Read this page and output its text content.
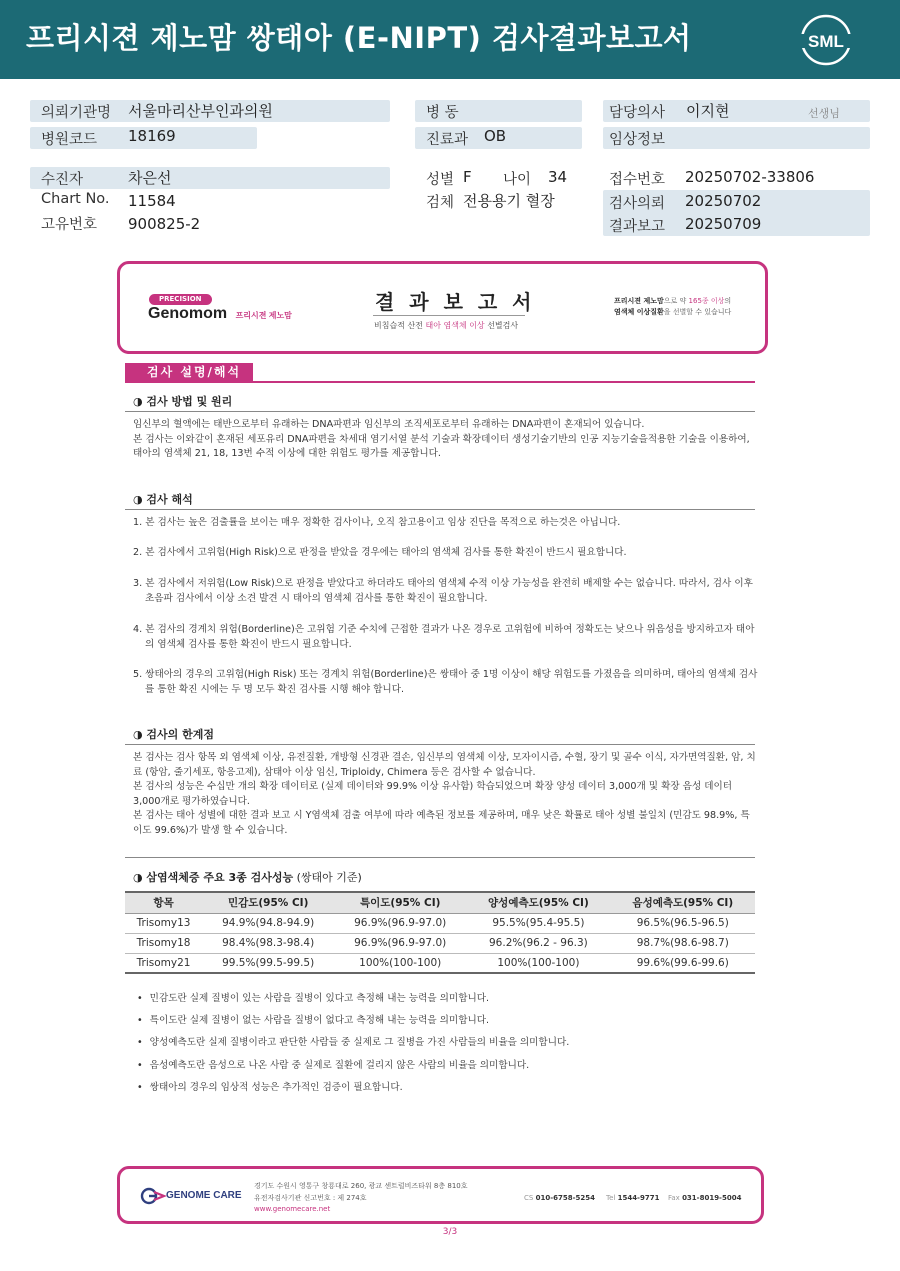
프리시젼 제노맘 쌍태아 (E-NIPT) 검사결과보고서	SML
의뢰기관명 서울마리산부인과의원
병원코드 18169
병 동
진료과 OB
담당의사 이지현	선생님
임상정보
수진자	차은선
Chart No. 11584
고유번호 900825-2
성별 F 나이 34
검체 전용용기 혈장
접수번호 20250702-33806
검사의뢰 20250702
결과보고 20250709
PRECISION
Genomom 프리시젼 제노맘
결 과 보 고 서
비침습적 산전 태아 염색체 이상 선별검사
프리시젼 제노맘으로 약 165종 이상의
염색체 이상질환을 선별할 수 있습니다
검사 설명/해석
◑ 검사 방법 및 원리
임신부의 혈액에는 태반으로부터 유래하는 DNA파편과 임신부의 조직세포로부터 유래하는 DNA파편이 혼재되어 있습니다.
본 검사는 이와같이 혼재된 세포유리 DNA파편을 차세대 염기서열 분석 기술과 확장데이터 생성기술기반의 인공 지능기술을적용한 기술을 이용하여, 태아의 염색체 21, 18, 13번 수적 이상에 대한 위험도 평가를 제공합니다.
◑ 검사 해석
1. 본 검사는 높은 검출률을 보이는 매우 정확한 검사이나, 오직 참고용이고 임상 진단을 목적으로 하는것은 아닙니다.
2. 본 검사에서 고위험(High Risk)으로 판정을 받았을 경우에는 태아의 염색체 검사를 통한 확진이 반드시 필요합니다.
3. 본 검사에서 저위험(Low Risk)으로 판정을 받았다고 하더라도 태아의 염색체 수적 이상 가능성을 완전히 배제할 수는 없습니다. 따라서, 검사 이후 초음파 검사에서 이상 소견 발견 시 태아의 염색체 검사를 통한 확진이 필요합니다.
4. 본 검사의 경계치 위험(Borderline)은 고위험 기준 수치에 근접한 결과가 나온 경우로 고위험에 비하여 정확도는 낮으나 위음성을 방지하고자 태아의 염색체 검사를 통한 확진이 반드시 필요합니다.
5. 쌍태아의 경우의 고위험(High Risk) 또는 경계치 위험(Borderline)은 쌍태아 중 1명 이상이 해당 위험도를 가졌음을 의미하며, 태아의 염색체 검사를 통한 확진 시에는 두 명 모두 확진 검사를 시행 해야 합니다.
◑ 검사의 한계점
본 검사는 검사 항목 외 염색체 이상, 유전질환, 개방형 신경관 결손, 임신부의 염색체 이상, 모자이시즘, 수혈, 장기 및 골수 이식, 자가면역질환, 암, 치료 (항암, 줄기세포, 항응고제), 삼태아 이상 임신, Triploidy, Chimera 등은 검사할 수 없습니다.
본 검사의 성능은 수십만 개의 확장 데이터로 (실제 데이터와 99.9% 이상 유사함) 학습되었으며 확장 양성 데이터 3,000개 및 확장 음성 데이터 3,000개로 평가하였습니다.
본 검사는 태아 성별에 대한 결과 보고 시 Y염색체 검출 여부에 따라 예측된 정보를 제공하며, 매우 낮은 확률로 태아 성별 불일치 (민감도 98.9%, 특이도 99.6%)가 발생 할 수 있습니다.
◑ 삼염색체증 주요 3종 검사성능 (쌍태아 기준)
항목	민감도(95% CI)	특이도(95% CI)	양성예측도(95% CI)	음성예측도(95% CI)
Trisomy13	94.9%(94.8-94.9)	96.9%(96.9-97.0)	95.5%(95.4-95.5)	96.5%(96.5-96.5)
Trisomy18	98.4%(98.3-98.4)	96.9%(96.9-97.0)	96.2%(96.2 - 96.3)	98.7%(98.6-98.7)
Trisomy21	99.5%(99.5-99.5)	100%(100-100)	100%(100-100)	99.6%(99.6-99.6)
• 민감도란 실제 질병이 있는 사람을 질병이 있다고 측정해 내는 능력을 의미합니다.
• 특이도란 실제 질병이 없는 사람을 질병이 없다고 측정해 내는 능력을 의미합니다.
• 양성예측도란 실제 질병이라고 판단한 사람들 중 실제로 그 질병을 가진 사람들의 비율을 의미합니다.
• 음성예측도란 음성으로 나온 사람 중 실제로 질환에 걸리지 않은 사람의 비율을 의미합니다.
• 쌍태아의 경우의 임상적 성능은 추가적인 검증이 필요합니다.
GENOME CARE
경기도 수원시 영통구 창룡대로 260, 광교 센트럴비즈타워 8층 810호
유전자검사기관 신고번호 : 제 274호
www.genomecare.net
CS 010-6758-5254 Tel 1544-9771 Fax 031-8019-5004
3/3
